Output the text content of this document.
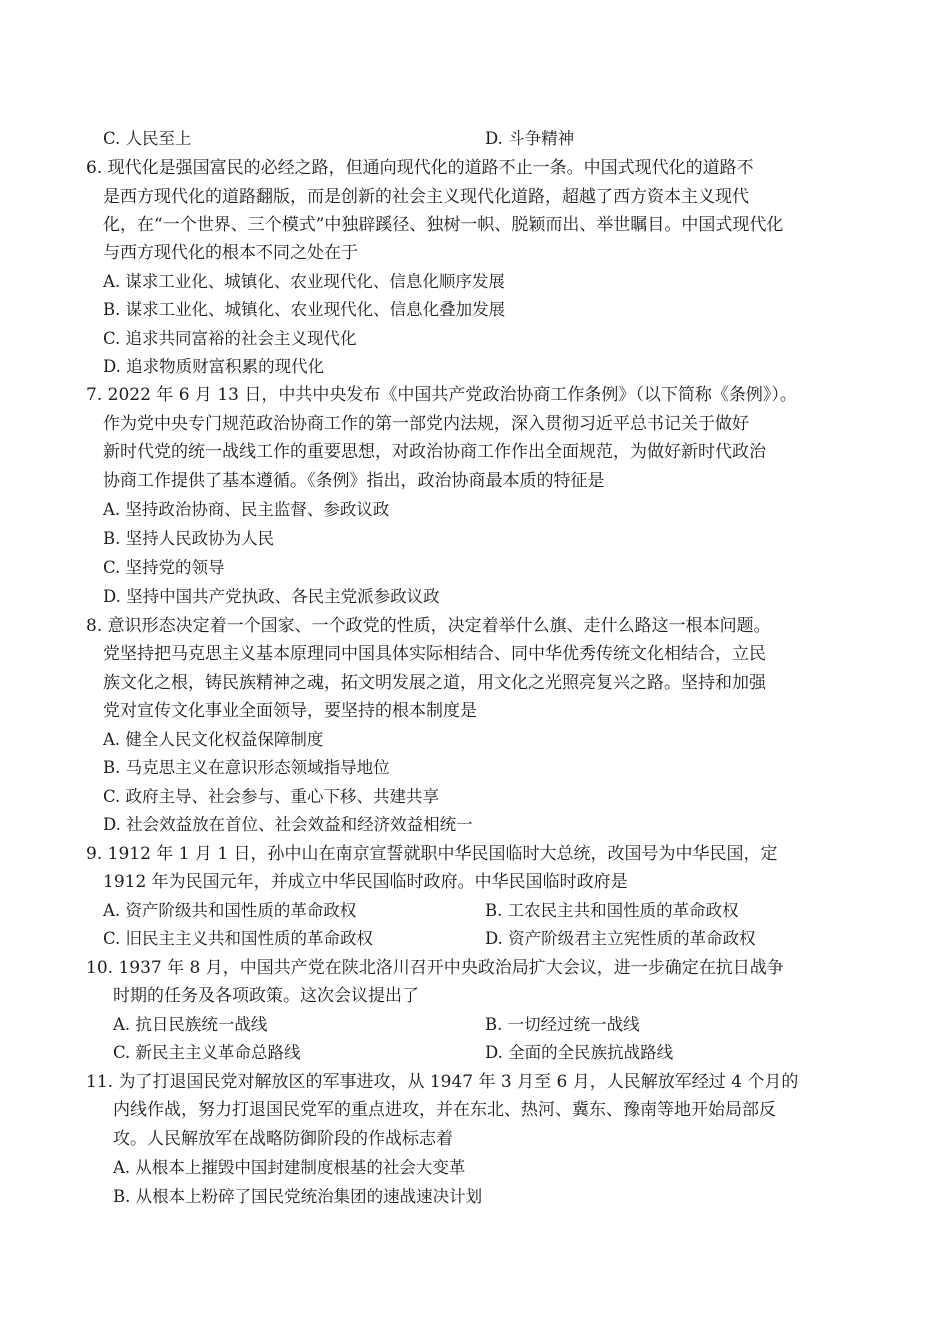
C. 人民至上	D. 斗争精神
6. 现代化是强国富民的必经之路，但通向现代化的道路不止一条。中国式现代化的道路不
是西方现代化的道路翻版，而是创新的社会主义现代化道路，超越了西方资本主义现代
化，在“一个世界、三个模式”中独辟蹊径、独树一帜、脱颖而出、举世瞩目。中国式现代化
与西方现代化的根本不同之处在于
A. 谋求工业化、城镇化、农业现代化、信息化顺序发展
B. 谋求工业化、城镇化、农业现代化、信息化叠加发展
C. 追求共同富裕的社会主义现代化
D. 追求物质财富积累的现代化
7. 2022 年 6 月 13 日，中共中央发布《中国共产党政治协商工作条例》（以下简称《条例》）。
作为党中央专门规范政治协商工作的第一部党内法规，深入贯彻习近平总书记关于做好
新时代党的统一战线工作的重要思想，对政治协商工作作出全面规范，为做好新时代政治
协商工作提供了基本遵循。《条例》指出，政治协商最本质的特征是
A. 坚持政治协商、民主监督、参政议政
B. 坚持人民政协为人民
C. 坚持党的领导
D. 坚持中国共产党执政、各民主党派参政议政
8. 意识形态决定着一个国家、一个政党的性质，决定着举什么旗、走什么路这一根本问题。
党坚持把马克思主义基本原理同中国具体实际相结合、同中华优秀传统文化相结合，立民
族文化之根，铸民族精神之魂，拓文明发展之道，用文化之光照亮复兴之路。坚持和加强
党对宣传文化事业全面领导，要坚持的根本制度是
A. 健全人民文化权益保障制度
B. 马克思主义在意识形态领域指导地位
C. 政府主导、社会参与、重心下移、共建共享
D. 社会效益放在首位、社会效益和经济效益相统一
9. 1912 年 1 月 1 日，孙中山在南京宣誓就职中华民国临时大总统，改国号为中华民国，定
1912 年为民国元年，并成立中华民国临时政府。中华民国临时政府是
A. 资产阶级共和国性质的革命政权	B. 工农民主共和国性质的革命政权
C. 旧民主主义共和国性质的革命政权	D. 资产阶级君主立宪性质的革命政权
10. 1937 年 8 月，中国共产党在陕北洛川召开中央政治局扩大会议，进一步确定在抗日战争
时期的任务及各项政策。这次会议提出了
A. 抗日民族统一战线	B. 一切经过统一战线
C. 新民主主义革命总路线	D. 全面的全民族抗战路线
11. 为了打退国民党对解放区的军事进攻，从 1947 年 3 月至 6 月，人民解放军经过 4 个月的
内线作战，努力打退国民党军的重点进攻，并在东北、热河、冀东、豫南等地开始局部反
攻。人民解放军在战略防御阶段的作战标志着
A. 从根本上摧毁中国封建制度根基的社会大变革
B. 从根本上粉碎了国民党统治集团的速战速决计划
